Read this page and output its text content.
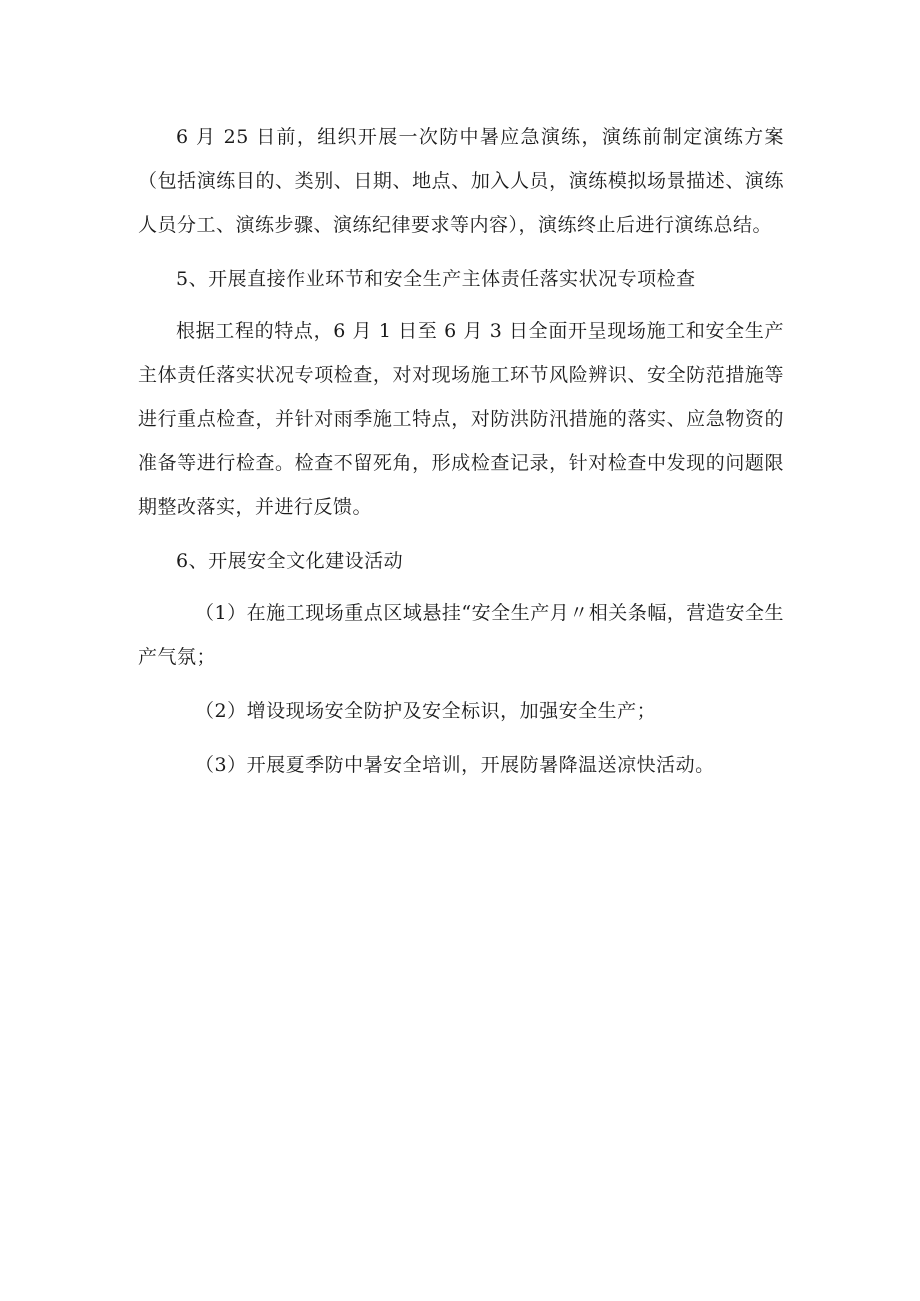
6 月 25 日前，组织开展一次防中暑应急演练，演练前制定演练方案（包括演练目的、类别、日期、地点、加入人员，演练模拟场景描述、演练人员分工、演练步骤、演练纪律要求等内容），演练终止后进行演练总结。

5、开展直接作业环节和安全生产主体责任落实状况专项检查

根据工程的特点，6 月 1 日至 6 月 3 日全面开呈现场施工和安全生产主体责任落实状况专项检查，对对现场施工环节风险辨识、安全防范措施等进行重点检查，并针对雨季施工特点，对防洪防汛措施的落实、应急物资的准备等进行检查。检查不留死角，形成检查记录，针对检查中发现的问题限期整改落实，并进行反馈。

6、开展安全文化建设活动

（1）在施工现场重点区域悬挂“安全生产月〃相关条幅，营造安全生产气氛；

（2）增设现场安全防护及安全标识，加强安全生产；

（3）开展夏季防中暑安全培训，开展防暑降温送凉快活动。
